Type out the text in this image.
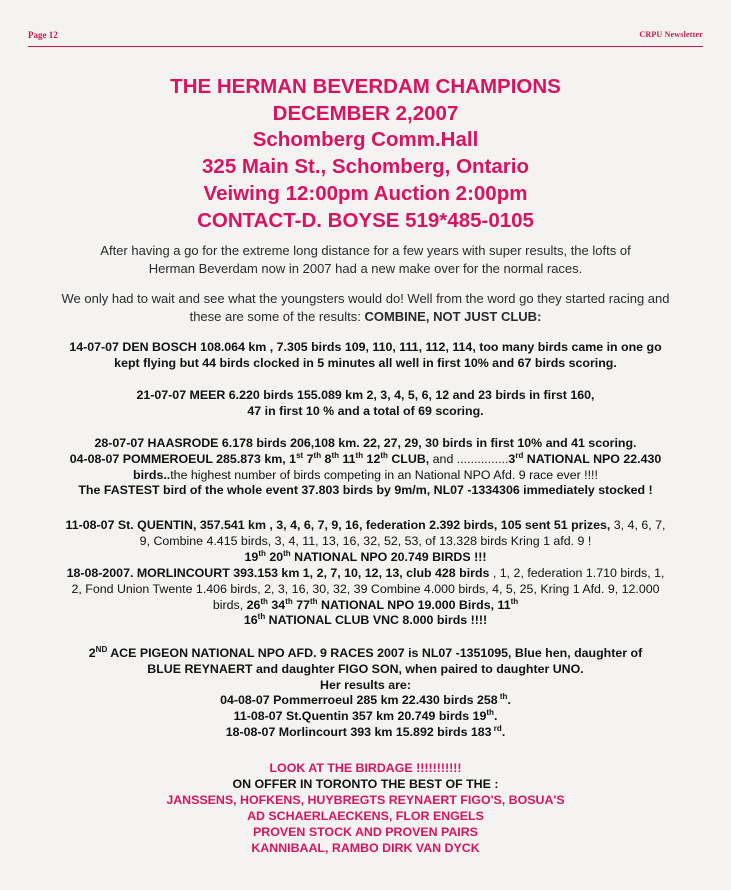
Page 12	CRPU Newsletter
THE HERMAN BEVERDAM CHAMPIONS
DECEMBER 2,2007
Schomberg Comm.Hall
325 Main St., Schomberg, Ontario
Veiwing 12:00pm Auction 2:00pm
CONTACT-D. BOYSE 519*485-0105
After having a go for the extreme long distance for a few years with super results, the lofts of
Herman Beverdam now in 2007 had a new make over for the normal races.
We only had to wait and see what the youngsters would do! Well from the word go they started racing and
these are some of the results: COMBINE, NOT JUST CLUB:
14-07-07 DEN BOSCH 108.064 km , 7.305 birds 109, 110, 111, 112, 114, too many birds came in one go
kept flying but 44 birds clocked in 5 minutes all well in first 10% and 67 birds scoring.
21-07-07 MEER 6.220 birds 155.089 km 2, 3, 4, 5, 6, 12 and 23 birds in first 160,
47 in first 10 % and a total of 69 scoring.
28-07-07 HAASRODE 6.178 birds 206,108 km. 22, 27, 29, 30 birds in first 10% and 41 scoring.
04-08-07 POMMEROEUL 285.873 km, 1st 7th 8th 11th 12th CLUB, and ...............3rd NATIONAL NPO 22.430
birds..the highest number of birds competing in an National NPO Afd. 9 race ever !!!!
The FASTEST bird of the whole event 37.803 birds by 9m/m, NL07 -1334306 immediately stocked !
11-08-07 St. QUENTIN, 357.541 km , 3, 4, 6, 7, 9, 16, federation 2.392 birds, 105 sent 51 prizes, 3, 4, 6, 7,
9, Combine 4.415 birds, 3, 4, 11, 13, 16, 32, 52, 53, of 13.328 birds Kring 1 afd. 9 !
19th 20th NATIONAL NPO 20.749 BIRDS !!!
18-08-2007. MORLINCOURT 393.153 km 1, 2, 7, 10, 12, 13, club 428 birds , 1, 2, federation 1.710 birds, 1,
2, Fond Union Twente 1.406 birds, 2, 3, 16, 30, 32, 39 Combine 4.000 birds, 4, 5, 25, Kring 1 Afd. 9, 12.000
birds, 26th 34th 77th NATIONAL NPO 19.000 Birds, 11th
16th NATIONAL CLUB VNC 8.000 birds !!!!
2ND ACE PIGEON NATIONAL NPO AFD. 9 RACES 2007 is NL07 -1351095, Blue hen, daughter of
BLUE REYNAERT and daughter FIGO SON, when paired to daughter UNO.
Her results are:
04-08-07 Pommerroeul 285 km 22.430 birds 258 $^{th}$.
11-08-07 St.Quentin 357 km 20.749 birds 19th.
18-08-07 Morlincourt 393 km 15.892 birds 183 $^{rd}$.
LOOK AT THE BIRDAGE !!!!!!!!!!!
ON OFFER IN TORONTO THE BEST OF THE :
JANSSENS, HOFKENS, HUYBREGTS REYNAERT FIGO'S, BOSUA'S
AD SCHAERLAECKENS, FLOR ENGELS
PROVEN STOCK AND PROVEN PAIRS
KANNIBAAL, RAMBO DIRK VAN DYCK
